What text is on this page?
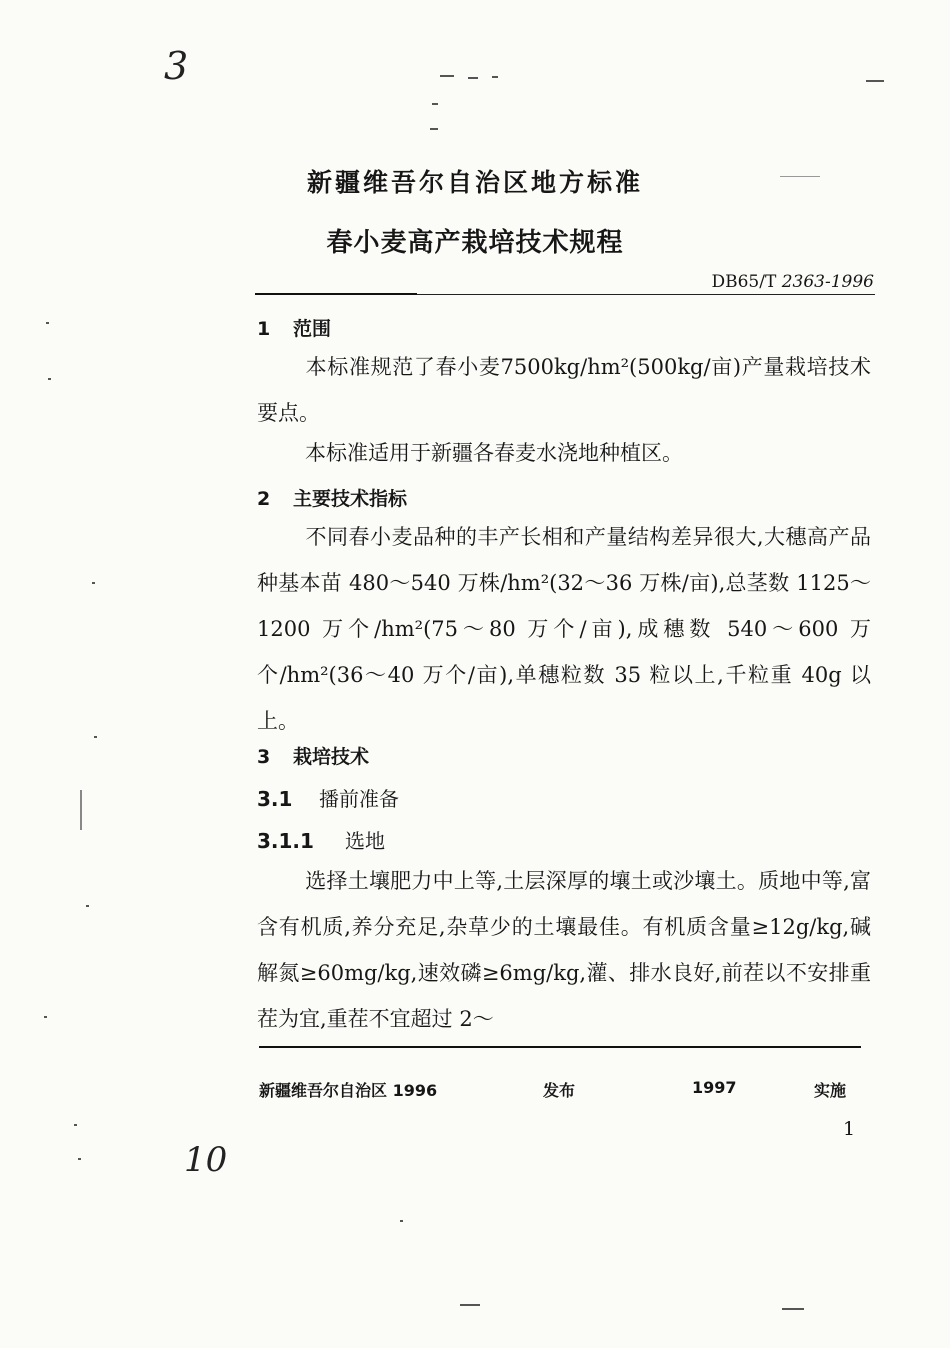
3
10
新疆维吾尔自治区地方标准
春小麦高产栽培技术规程
DB65/T 2363-1996
1 范围
本标准规范了春小麦7500kg/hm²(500kg/亩)产量栽培技术要点。
本标准适用于新疆各春麦水浇地种植区。
2 主要技术指标
不同春小麦品种的丰产长相和产量结构差异很大,大穗高产品种基本苗 480～540 万株/hm²(32～36 万株/亩),总茎数 1125～1200 万个/hm²(75～80 万个/亩),成穗数 540～600 万个/hm²(36～40 万个/亩),单穗粒数 35 粒以上,千粒重 40g 以上。
3 栽培技术
3.1 播前准备
3.1.1 选地
选择土壤肥力中上等,土层深厚的壤土或沙壤土。质地中等,富含有机质,养分充足,杂草少的土壤最佳。有机质含量≥12g/kg,碱解氮≥60mg/kg,速效磷≥6mg/kg,灌、排水良好,前茬以不安排重茬为宜,重茬不宜超过 2～
新疆维吾尔自治区 1996	发布	1997	实施
1
